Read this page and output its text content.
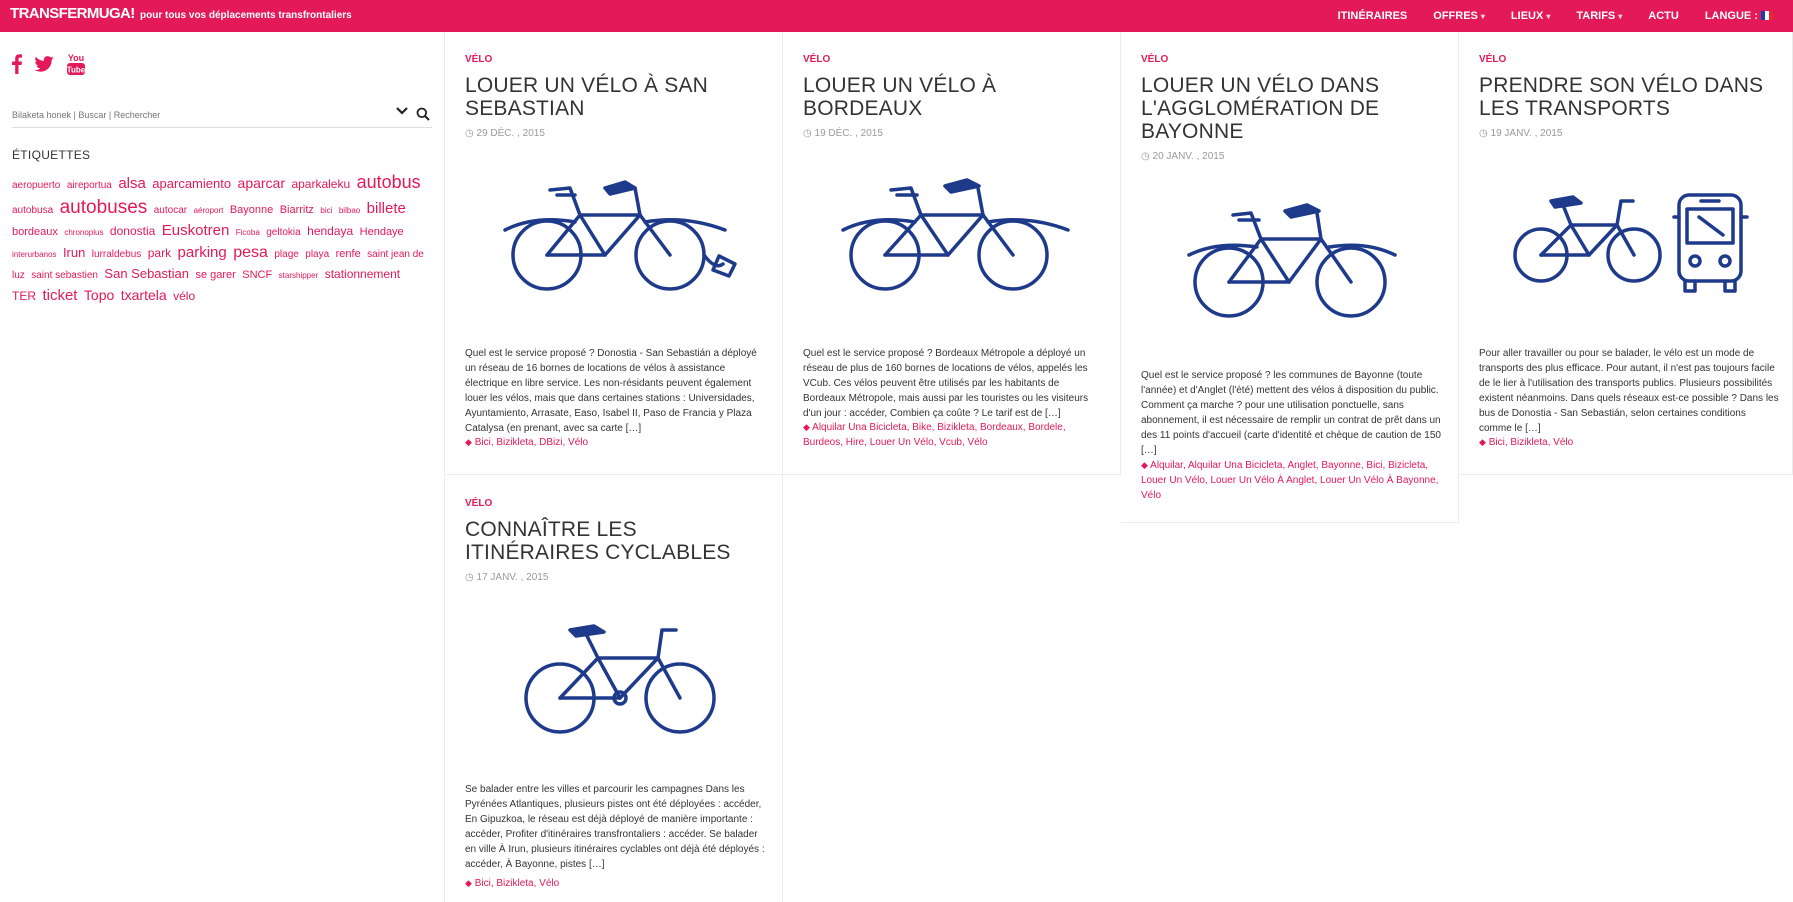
TRANSFERMUGA! pour tous vos déplacements transfrontaliers	ITINÉRAIRES OFFRES ▾ LIEUX ▾ TARIFS ▾ ACTU LANGUE :
You
Tube
Bilaketa honek | Buscar | Rechercher
ÉTIQUETTES
aeropuerto aireportua alsa aparcamiento aparcar aparkaleku autobus autobusa autobuses autocar aéroport Bayonne Biarritz bici bilbao billete bordeaux chronoplus donostia Euskotren Ficoba geltokia hendaya Hendaye interurbanos Irun lurraldebus park parking pesa plage playa renfe saint jean de luz saint sebastien San Sebastian se garer SNCF starshipper stationnement TER ticket Topo txartela vélo
VÉLO
LOUER UN VÉLO À SAN SEBASTIAN
◷ 29 DÉC. , 2015
Quel est le service proposé ? Donostia - San Sebastián a déployé un réseau de 16 bornes de locations de vélos à assistance électrique en libre service. Les non-résidants peuvent également louer les vélos, mais que dans certaines stations : Universidades, Ayuntamiento, Arrasate, Easo, Isabel II, Paso de Francia y Plaza Catalysa (en prenant, avec sa carte […]
◆ Bici, Bizikleta, DBizi, Vélo
VÉLO
LOUER UN VÉLO À BORDEAUX
◷ 19 DÉC. , 2015
Quel est le service proposé ? Bordeaux Métropole a déployé un réseau de plus de 160 bornes de locations de vélos, appelés les VCub. Ces vélos peuvent être utilisés par les habitants de Bordeaux Métropole, mais aussi par les touristes ou les visiteurs d'un jour : accéder, Combien ça coûte ? Le tarif est de […]
◆ Alquilar Una Bicicleta, Bike, Bizikleta, Bordeaux, Bordele, Burdeos, Hire, Louer Un Vélo, Vcub, Vélo
VÉLO
LOUER UN VÉLO DANS L'AGGLOMÉRATION DE BAYONNE
◷ 20 JANV. , 2015
Quel est le service proposé ? les communes de Bayonne (toute l'année) et d'Anglet (l'été) mettent des vélos à disposition du public. Comment ça marche ? pour une utilisation ponctuelle, sans abonnement, il est nécessaire de remplir un contrat de prêt dans un des 11 points d'accueil (carte d'identité et chèque de caution de 150 […]
◆ Alquilar, Alquilar Una Bicicleta, Anglet, Bayonne, Bici, Bizicleta, Louer Un Vélo, Louer Un Vélo À Anglet, Louer Un Vélo À Bayonne, Vélo
VÉLO
PRENDRE SON VÉLO DANS LES TRANSPORTS
◷ 19 JANV. , 2015
Pour aller travailler ou pour se balader, le vélo est un mode de transports des plus efficace. Pour autant, il n'est pas toujours facile de le lier à l'utilisation des transports publics. Plusieurs possibilités existent néanmoins. Dans quels réseaux est-ce possible ? Dans les bus de Donostia - San Sebastián, selon certaines conditions comme le […]
◆ Bici, Bizikleta, Vélo
VÉLO
CONNAÎTRE LES ITINÉRAIRES CYCLABLES
◷ 17 JANV. , 2015
Se balader entre les villes et parcourir les campagnes Dans les Pyrénées Atlantiques, plusieurs pistes ont été déployées : accéder, En Gipuzkoa, le réseau est déjà déployé de manière importante : accéder, Profiter d'itinéraires transfrontaliers : accéder. Se balader en ville À Irun, plusieurs itinéraires cyclables ont déjà été déployés : accéder, À Bayonne, pistes […]
◆ Bici, Bizikleta, Vélo
